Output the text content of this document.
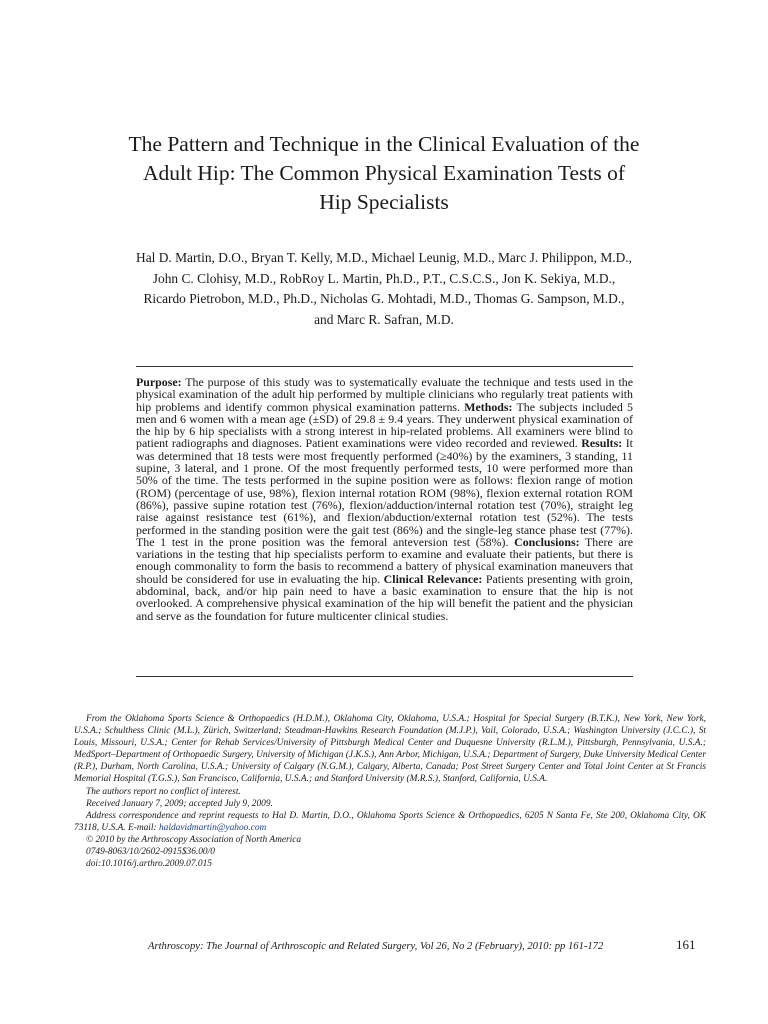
The Pattern and Technique in the Clinical Evaluation of the
Adult Hip: The Common Physical Examination Tests of
Hip Specialists
Hal D. Martin, D.O., Bryan T. Kelly, M.D., Michael Leunig, M.D., Marc J. Philippon, M.D.,
John C. Clohisy, M.D., RobRoy L. Martin, Ph.D., P.T., C.S.C.S., Jon K. Sekiya, M.D.,
Ricardo Pietrobon, M.D., Ph.D., Nicholas G. Mohtadi, M.D., Thomas G. Sampson, M.D.,
and Marc R. Safran, M.D.
Purpose: The purpose of this study was to systematically evaluate the technique and tests used in the physical examination of the adult hip performed by multiple clinicians who regularly treat patients with hip problems and identify common physical examination patterns. Methods: The subjects included 5 men and 6 women with a mean age (±SD) of 29.8 ± 9.4 years. They underwent physical examination of the hip by 6 hip specialists with a strong interest in hip-related problems. All examiners were blind to patient radiographs and diagnoses. Patient examinations were video recorded and reviewed. Results: It was determined that 18 tests were most frequently performed (≥40%) by the examiners, 3 standing, 11 supine, 3 lateral, and 1 prone. Of the most frequently performed tests, 10 were performed more than 50% of the time. The tests performed in the supine position were as follows: flexion range of motion (ROM) (percentage of use, 98%), flexion internal rotation ROM (98%), flexion external rotation ROM (86%), passive supine rotation test (76%), flexion/adduction/internal rotation test (70%), straight leg raise against resistance test (61%), and flexion/abduction/external rotation test (52%). The tests performed in the standing position were the gait test (86%) and the single-leg stance phase test (77%). The 1 test in the prone position was the femoral anteversion test (58%). Conclusions: There are variations in the testing that hip specialists perform to examine and evaluate their patients, but there is enough commonality to form the basis to recommend a battery of physical examination maneuvers that should be considered for use in evaluating the hip. Clinical Relevance: Patients presenting with groin, abdominal, back, and/or hip pain need to have a basic examination to ensure that the hip is not overlooked. A comprehensive physical examination of the hip will benefit the patient and the physician and serve as the foundation for future multicenter clinical studies.

From the Oklahoma Sports Science & Orthopaedics (H.D.M.), Oklahoma City, Oklahoma, U.S.A.; Hospital for Special Surgery (B.T.K.), New York, New York, U.S.A.; Schulthess Clinic (M.L.), Zürich, Switzerland; Steadman-Hawkins Research Foundation (M.J.P.), Vail, Colorado, U.S.A.; Washington University (J.C.C.), St Louis, Missouri, U.S.A.; Center for Rehab Services/University of Pittsburgh Medical Center and Duquesne University (R.L.M.), Pittsburgh, Pennsylvania, U.S.A.; MedSport–Department of Orthopaedic Surgery, University of Michigan (J.K.S.), Ann Arbor, Michigan, U.S.A.; Department of Surgery, Duke University Medical Center (R.P.), Durham, North Carolina, U.S.A.; University of Calgary (N.G.M.), Calgary, Alberta, Canada; Post Street Surgery Center and Total Joint Center at St Francis Memorial Hospital (T.G.S.), San Francisco, California, U.S.A.; and Stanford University (M.R.S.), Stanford, California, U.S.A.

The authors report no conflict of interest.

Received January 7, 2009; accepted July 9, 2009.

Address correspondence and reprint requests to Hal D. Martin, D.O., Oklahoma Sports Science & Orthopaedics, 6205 N Santa Fe, Ste 200, Oklahoma City, OK 73118, U.S.A. E-mail: haldavidmartin@yahoo.com

© 2010 by the Arthroscopy Association of North America

0749-8063/10/2602-0915$36.00/0

doi:10.1016/j.arthro.2009.07.015

Arthroscopy: The Journal of Arthroscopic and Related Surgery, Vol 26, No 2 (February), 2010: pp 161-172	161
